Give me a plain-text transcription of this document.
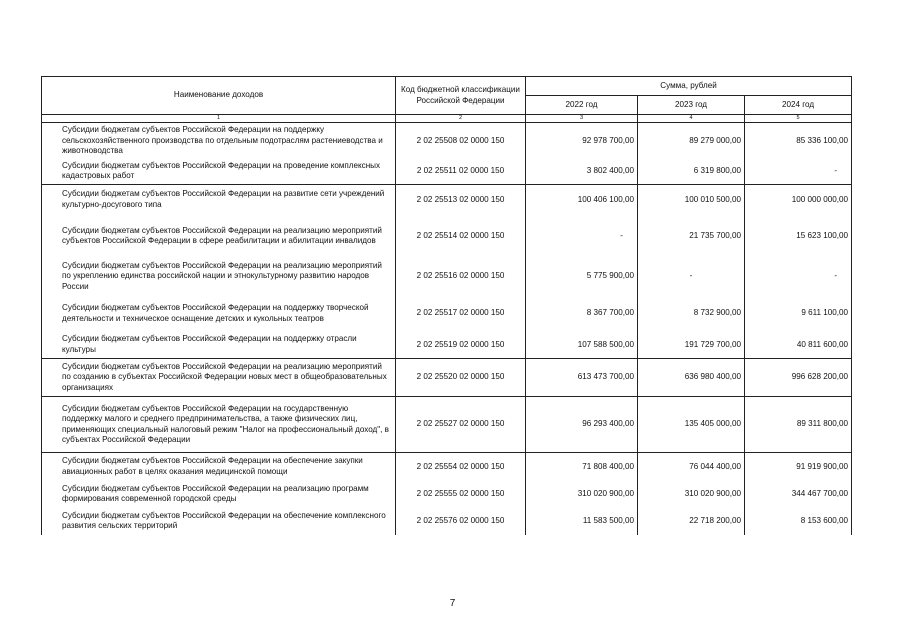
Наименование доходов	Код бюджетной классификации Российской Федерации	Сумма, рублей		
		2022 год	2023 год	2024 год
1	2	3	4	5
Субсидии бюджетам субъектов Российской Федерации на поддержку сельскохозяйственного производства по отдельным подотраслям растениеводства и животноводства	2 02 25508 02 0000 150	92 978 700,00	89 279 000,00	85 336 100,00
Субсидии бюджетам субъектов Российской Федерации на проведение комплексных кадастровых работ	2 02 25511 02 0000 150	3 802 400,00	6 319 800,00	-
Субсидии бюджетам субъектов Российской Федерации на развитие сети учреждений культурно-досугового типа	2 02 25513 02 0000 150	100 406 100,00	100 010 500,00	100 000 000,00
Субсидии бюджетам субъектов Российской Федерации на реализацию мероприятий субъектов Российской Федерации в сфере реабилитации и абилитации инвалидов	2 02 25514 02 0000 150	-	21 735 700,00	15 623 100,00
Субсидии бюджетам субъектов Российской Федерации на реализацию мероприятий по укреплению единства российской нации и этнокультурному развитию народов России	2 02 25516 02 0000 150	5 775 900,00	-	-
Субсидии бюджетам субъектов Российской Федерации на поддержку творческой деятельности и техническое оснащение детских и кукольных театров	2 02 25517 02 0000 150	8 367 700,00	8 732 900,00	9 611 100,00
Субсидии бюджетам субъектов Российской Федерации на поддержку отрасли культуры	2 02 25519 02 0000 150	107 588 500,00	191 729 700,00	40 811 600,00
Субсидии бюджетам субъектов Российской Федерации на реализацию мероприятий по созданию в субъектах Российской Федерации новых мест в общеобразовательных организациях	2 02 25520 02 0000 150	613 473 700,00	636 980 400,00	996 628 200,00
Субсидии бюджетам субъектов Российской Федерации на государственную поддержку малого и среднего предпринимательства, а также физических лиц, применяющих специальный налоговый режим "Налог на профессиональный доход", в субъектах Российской Федерации	2 02 25527 02 0000 150	96 293 400,00	135 405 000,00	89 311 800,00
Субсидии бюджетам субъектов Российской Федерации на обеспечение закупки авиационных работ в целях оказания медицинской помощи	2 02 25554 02 0000 150	71 808 400,00	76 044 400,00	91 919 900,00
Субсидии бюджетам субъектов Российской Федерации на реализацию программ формирования современной городской среды	2 02 25555 02 0000 150	310 020 900,00	310 020 900,00	344 467 700,00
Субсидии бюджетам субъектов Российской Федерации на обеспечение комплексного развития сельских территорий	2 02 25576 02 0000 150	11 583 500,00	22 718 200,00	8 153 600,00
7
